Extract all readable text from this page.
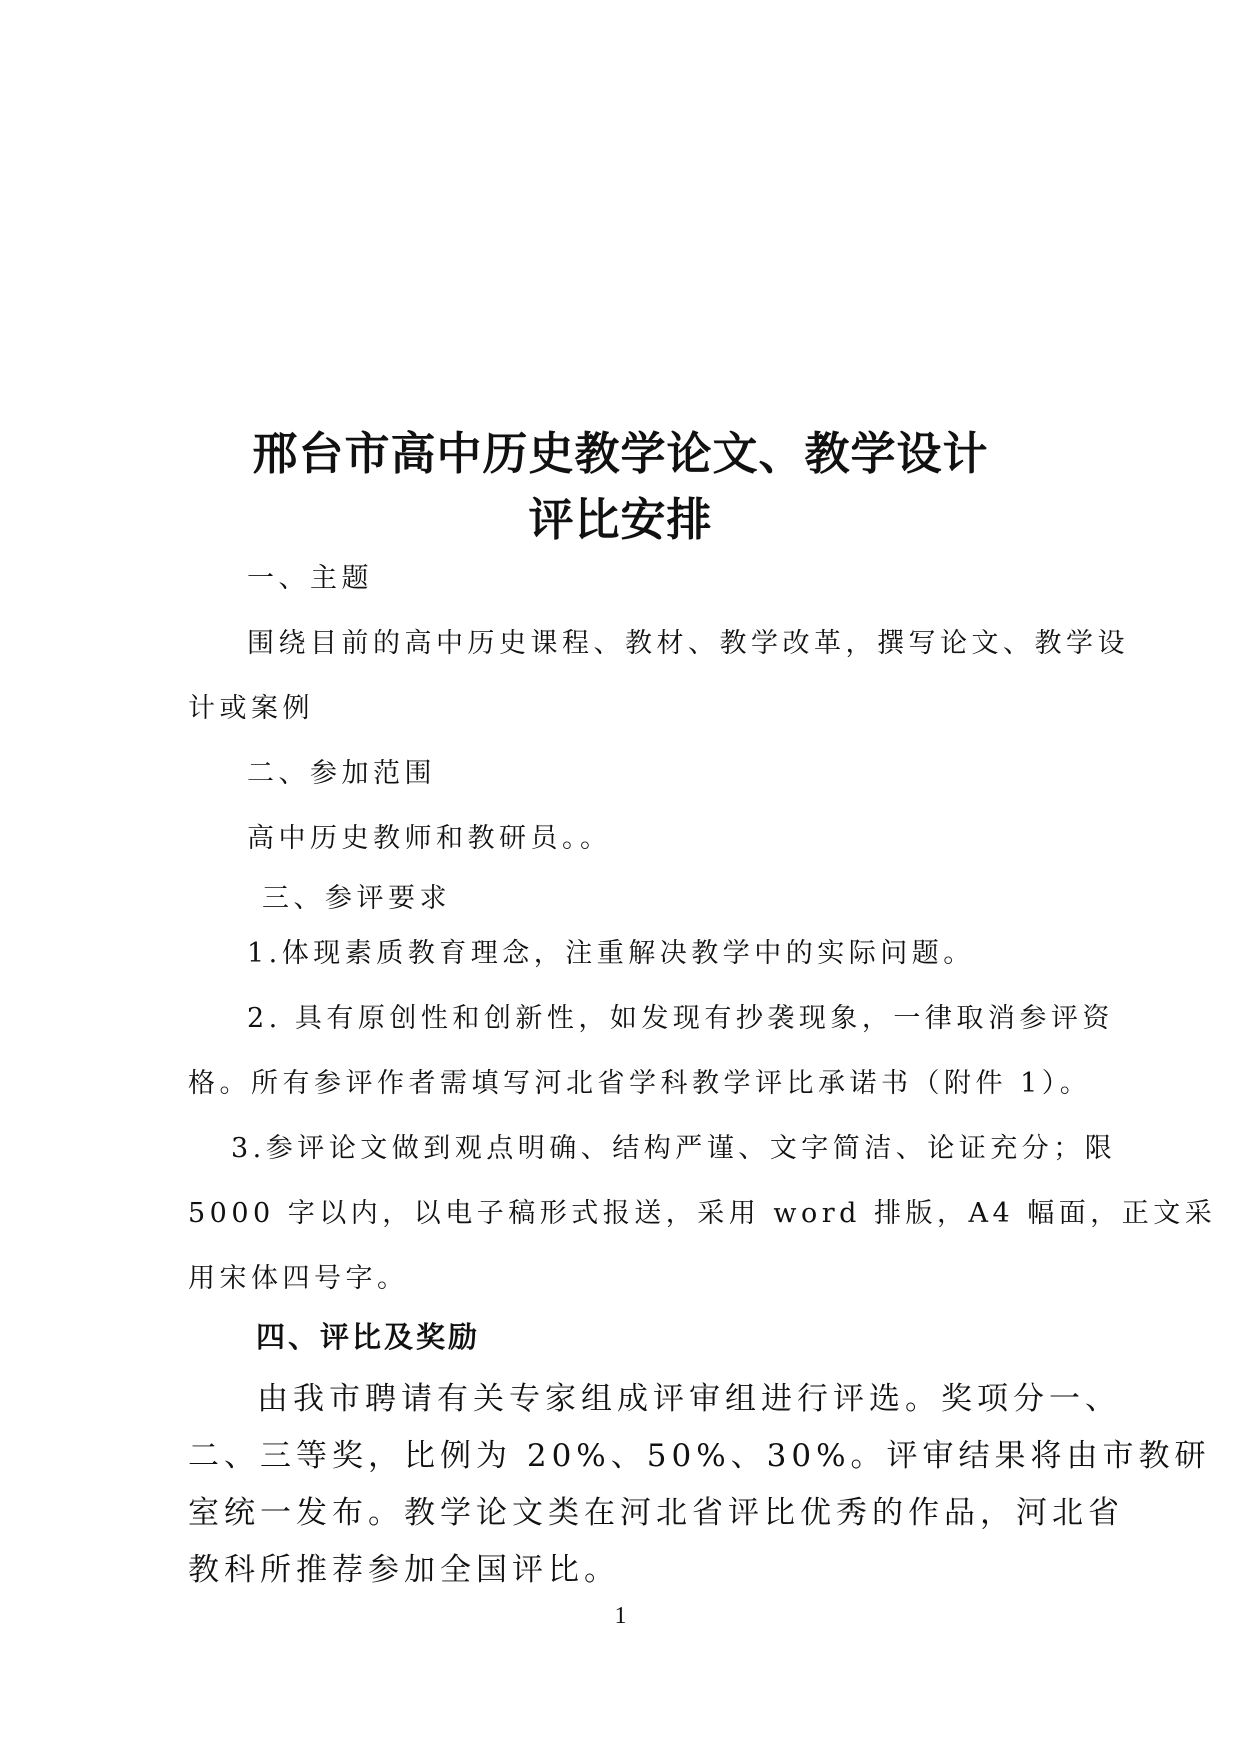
邢台市高中历史教学论文、教学设计
评比安排
一、主题
围绕目前的高中历史课程、教材、教学改革，撰写论文、教学设
计或案例
二、参加范围
高中历史教师和教研员。。
三、参评要求
1.体现素质教育理念，注重解决教学中的实际问题。
2. 具有原创性和创新性，如发现有抄袭现象，一律取消参评资
格。所有参评作者需填写河北省学科教学评比承诺书（附件 1）。
3.参评论文做到观点明确、结构严谨、文字简洁、论证充分；限
5000 字以内，以电子稿形式报送，采用 word 排版，A4 幅面，正文采
用宋体四号字。
四、评比及奖励
由我市聘请有关专家组成评审组进行评选。奖项分一、
二、三等奖，比例为 20%、50%、30%。评审结果将由市教研
室统一发布。教学论文类在河北省评比优秀的作品，河北省
教科所推荐参加全国评比。
1
